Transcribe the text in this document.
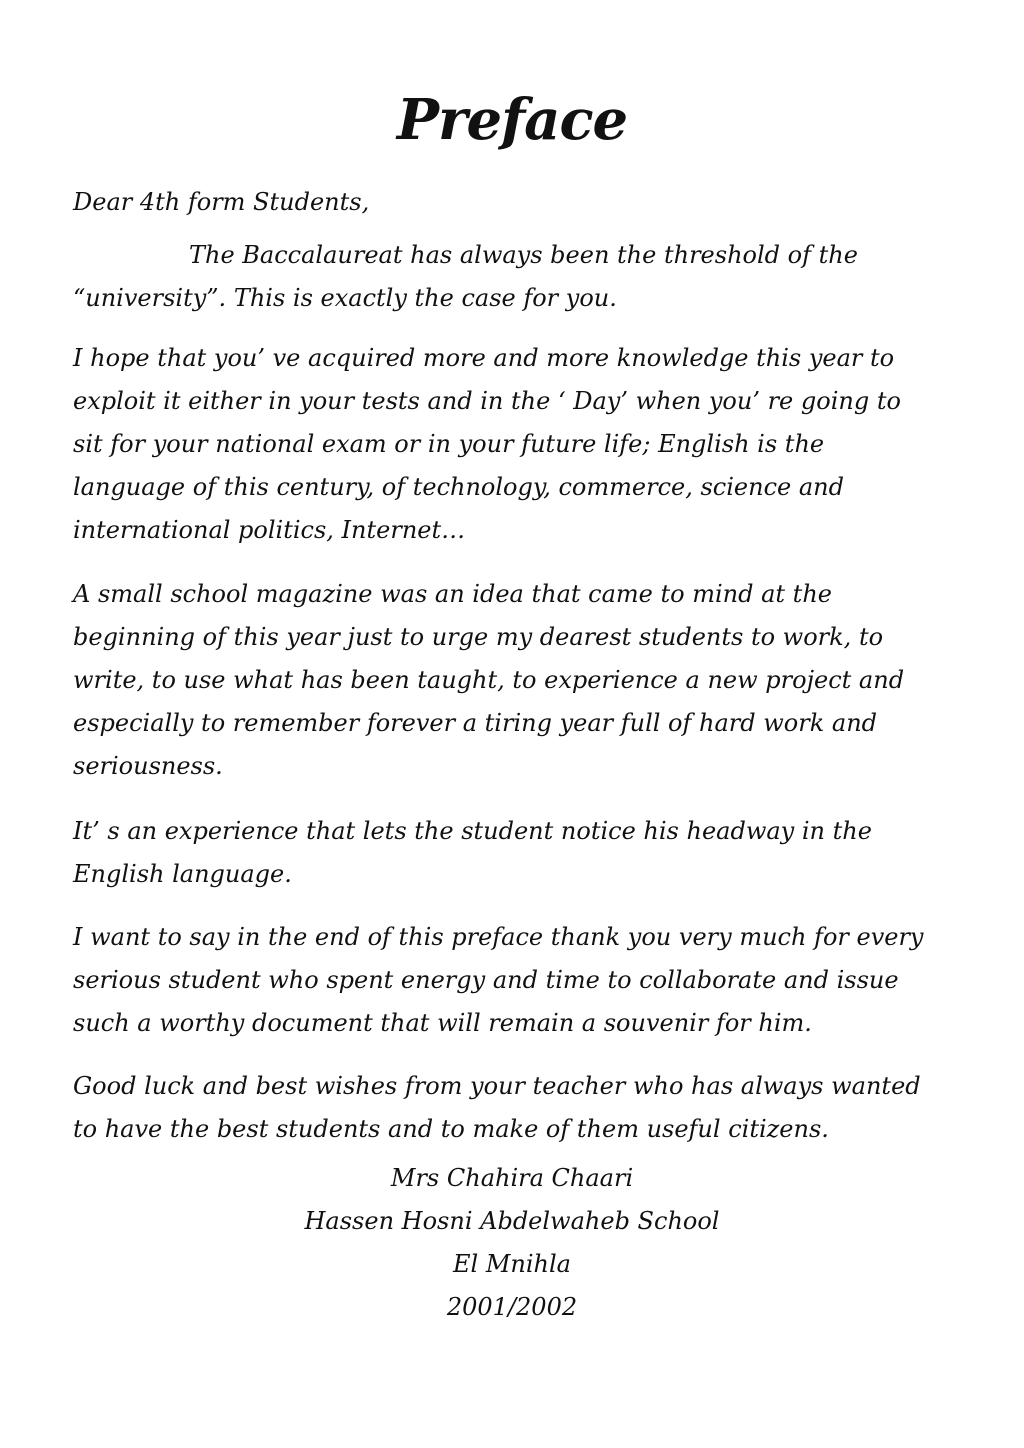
Preface
Dear 4th form Students,
The Baccalaureat has always been the threshold of the
“university”. This is exactly the case for you.
I hope that you’ ve acquired more and more knowledge this year to
exploit it either in your tests and in the ‘ Day’ when you’ re going to
sit for your national exam or in your future life; English is the
language of this century, of technology, commerce, science and
international politics, Internet…
A small school magazine was an idea that came to mind at the
beginning of this year just to urge my dearest students to work, to
write, to use what has been taught, to experience a new project and
especially to remember forever a tiring year full of hard work and
seriousness.
It’ s an experience that lets the student notice his headway in the
English language.
I want to say in the end of this preface thank you very much for every
serious student who spent energy and time to collaborate and issue
such a worthy document that will remain a souvenir for him.
Good luck and best wishes from your teacher who has always wanted
to have the best students and to make of them useful citizens.
Mrs Chahira Chaari
Hassen Hosni Abdelwaheb School
El Mnihla
2001/2002
